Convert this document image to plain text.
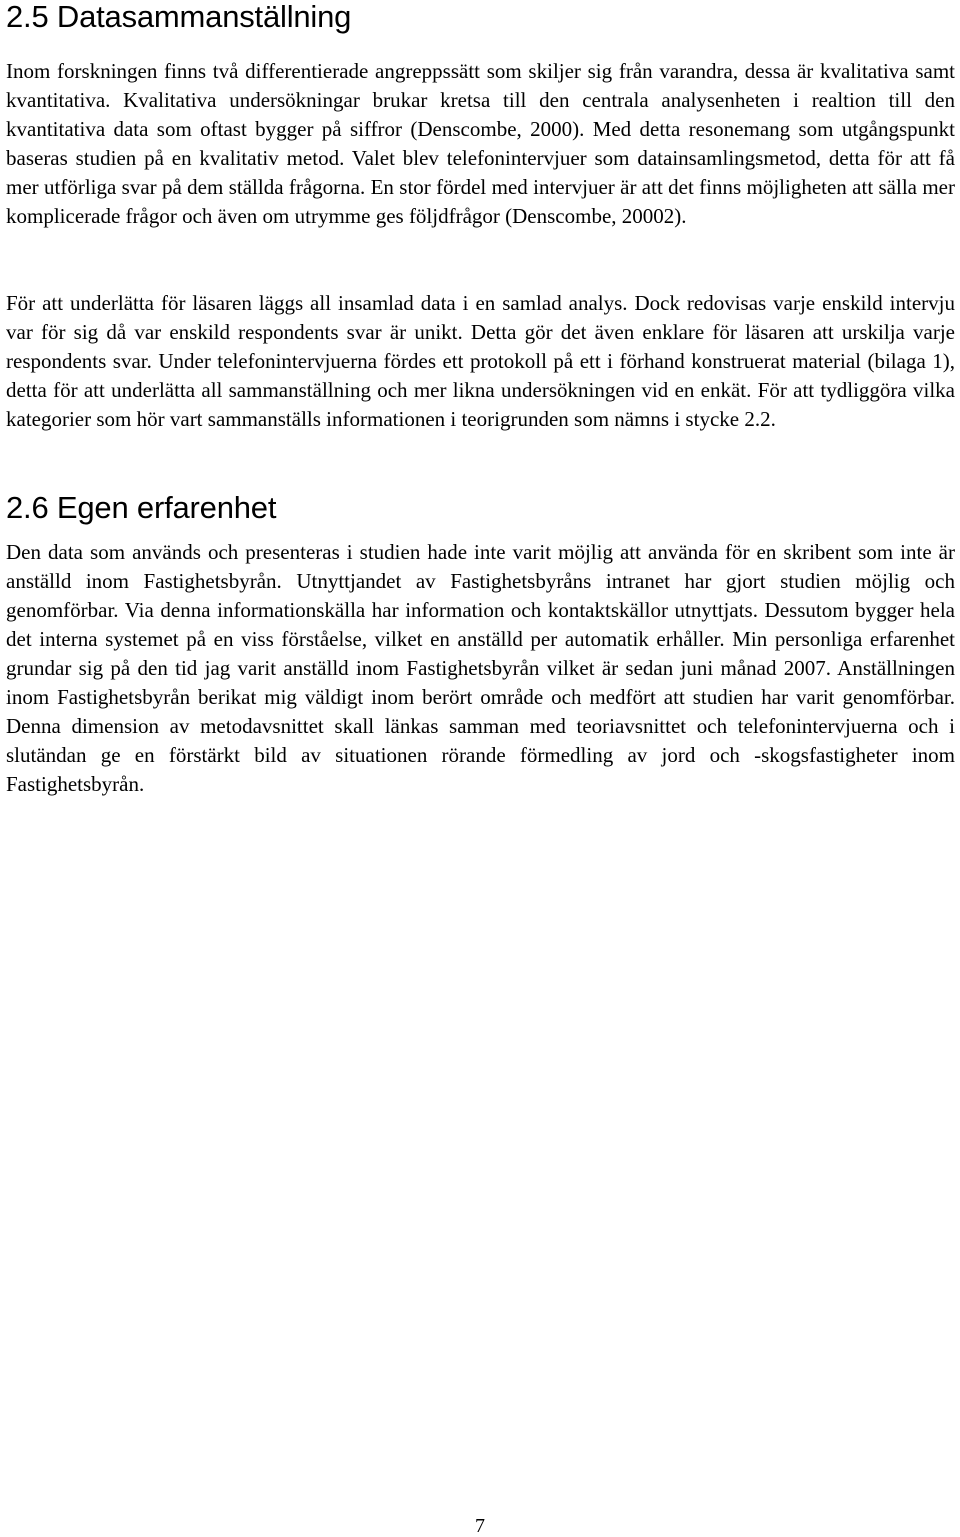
2.5 Datasammanställning

Inom forskningen finns två differentierade angreppssätt som skiljer sig från varandra, dessa är kvalitativa samt kvantitativa. Kvalitativa undersökningar brukar kretsa till den centrala analysenheten i realtion till den kvantitativa data som oftast bygger på siffror (Denscombe, 2000). Med detta resonemang som utgångspunkt baseras studien på en kvalitativ metod. Valet blev telefonintervjuer som datainsamlingsmetod, detta för att få mer utförliga svar på dem ställda frågorna. En stor fördel med intervjuer är att det finns möjligheten att sälla mer komplicerade frågor och även om utrymme ges följdfrågor (Denscombe, 20002).

För att underlätta för läsaren läggs all insamlad data i en samlad analys. Dock redovisas varje enskild intervju var för sig då var enskild respondents svar är unikt. Detta gör det även enklare för läsaren att urskilja varje respondents svar. Under telefonintervjuerna fördes ett protokoll på ett i förhand konstruerat material (bilaga 1), detta för att underlätta all sammanställning och mer likna undersökningen vid en enkät. För att tydliggöra vilka kategorier som hör vart sammanställs informationen i teorigrunden som nämns i stycke 2.2.

2.6 Egen erfarenhet

Den data som används och presenteras i studien hade inte varit möjlig att använda för en skribent som inte är anställd inom Fastighetsbyrån. Utnyttjandet av Fastighetsbyråns intranet har gjort studien möjlig och genomförbar. Via denna informationskälla har information och kontaktskällor utnyttjats. Dessutom bygger hela det interna systemet på en viss förståelse, vilket en anställd per automatik erhåller. Min personliga erfarenhet grundar sig på den tid jag varit anställd inom Fastighetsbyrån vilket är sedan juni månad 2007. Anställningen inom Fastighetsbyrån berikat mig väldigt inom berört område och medfört att studien har varit genomförbar. Denna dimension av metodavsnittet skall länkas samman med teoriavsnittet och telefonintervjuerna och i slutändan ge en förstärkt bild av situationen rörande förmedling av jord och -skogsfastigheter inom Fastighetsbyrån.

7
